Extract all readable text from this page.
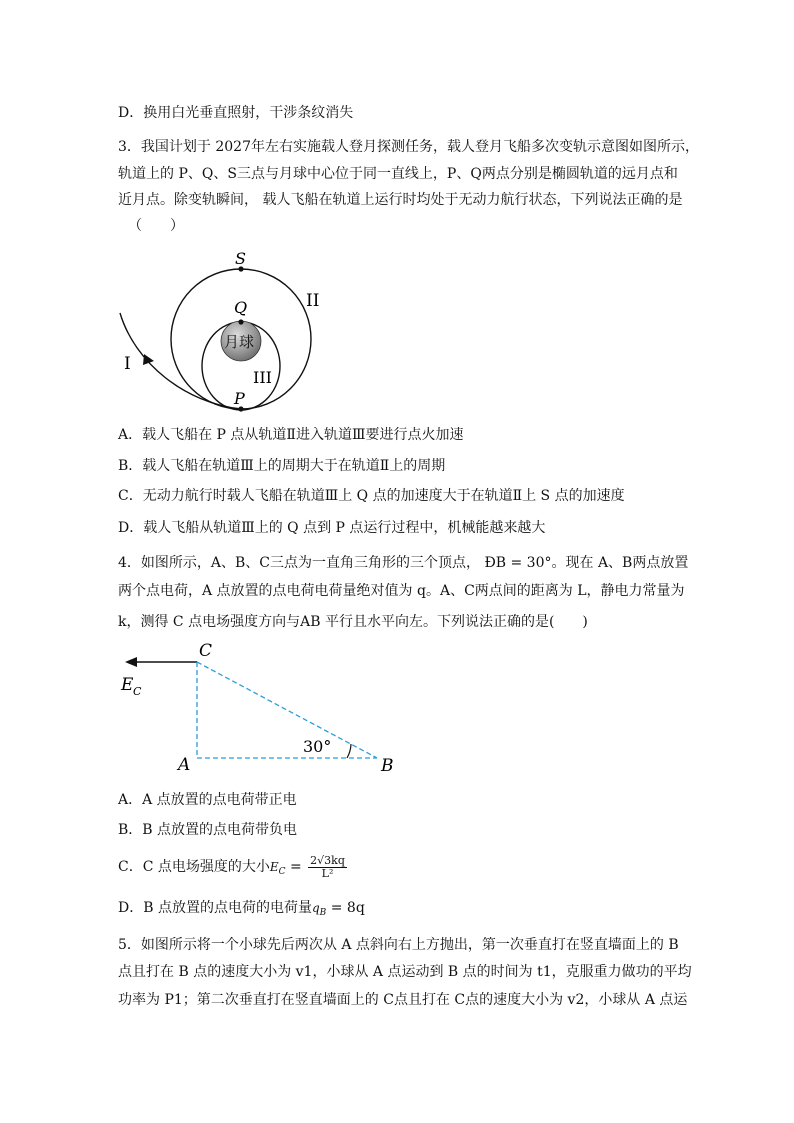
D．换用白光垂直照射，干涉条纹消失
3．我国计划于 2027年左右实施载人登月探测任务，载人登月飞船多次变轨示意图如图所示，
轨道上的 P、Q、S三点与月球中心位于同一直线上，P、Q两点分别是椭圆轨道的远月点和
近月点。除变轨瞬间， 载人飞船在轨道上运行时均处于无动力航行状态，下列说法正确的是
（　　）
S
Q
P
月球
I
II
III
A．载人飞船在 P 点从轨道Ⅱ进入轨道Ⅲ要进行点火加速
B．载人飞船在轨道Ⅲ上的周期大于在轨道Ⅱ上的周期
C．无动力航行时载人飞船在轨道Ⅲ上 Q 点的加速度大于在轨道Ⅱ上 S 点的加速度
D．载人飞船从轨道Ⅲ上的 Q 点到 P 点运行过程中，机械能越来越大
4．如图所示，A、B、C三点为一直角三角形的三个顶点， ÐB = 30°。现在 A、B两点放置
两个点电荷，A 点放置的点电荷电荷量绝对值为 q。A、C两点间的距离为 L，静电力常量为
k，测得 C 点电场强度方向与AB 平行且水平向左。下列说法正确的是(　　)
C
A	B
E C
30°
A．A 点放置的点电荷带正电
B．B 点放置的点电荷带负电
C．C 点电场强度的大小$E_C = \frac{2√3kq}{\text{L²}}$
D．B 点放置的点电荷的电荷量$q_B = 8q$
5．如图所示将一个小球先后两次从 A 点斜向右上方抛出，第一次垂直打在竖直墙面上的 B
点且打在 B 点的速度大小为 v1，小球从 A 点运动到 B 点的时间为 t1，克服重力做功的平均
功率为 P1；第二次垂直打在竖直墙面上的 C点且打在 C点的速度大小为 v2，小球从 A 点运
